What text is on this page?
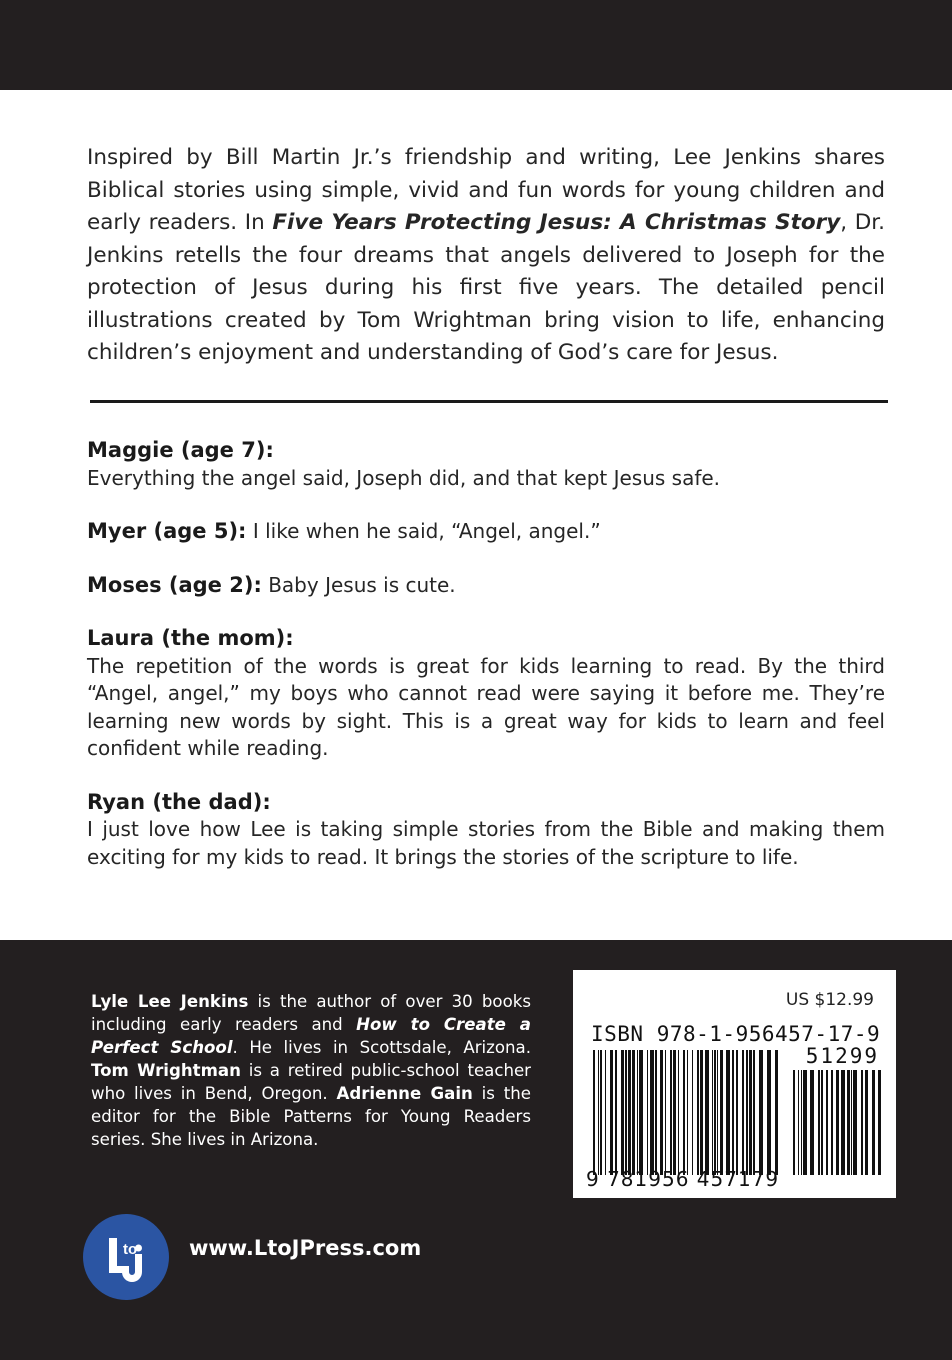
Inspired by Bill Martin Jr.’s friendship and writing, Lee Jenkins shares Biblical stories using simple, vivid and fun words for young children and early readers. In Five Years Protecting Jesus: A Christmas Story, Dr. Jenkins retells the four dreams that angels delivered to Joseph for the protection of Jesus during his first five years. The detailed pencil illustrations created by Tom Wrightman bring vision to life, enhancing children’s enjoyment and understanding of God’s care for Jesus.
Maggie (age 7):
Everything the angel said, Joseph did, and that kept Jesus safe.
Myer (age 5): I like when he said, “Angel, angel.”
Moses (age 2): Baby Jesus is cute.
Laura (the mom):
The repetition of the words is great for kids learning to read. By the third “Angel, angel,” my boys who cannot read were saying it before me. They’re learning new words by sight. This is a great way for kids to learn and feel confident while reading.
Ryan (the dad):
I just love how Lee is taking simple stories from the Bible and making them exciting for my kids to read. It brings the stories of the scripture to life.
Lyle Lee Jenkins is the author of over 30 books including early readers and How to Create a Perfect School. He lives in Scottsdale, Arizona. Tom Wrightman is a retired public-school teacher who lives in Bend, Oregon. Adrienne Gain is the editor for the Bible Patterns for Young Readers series. She lives in Arizona.
US $12.99
ISBN 978-1-956457-17-9
51299
9 781956 457179
to www.LtoJPress.com
